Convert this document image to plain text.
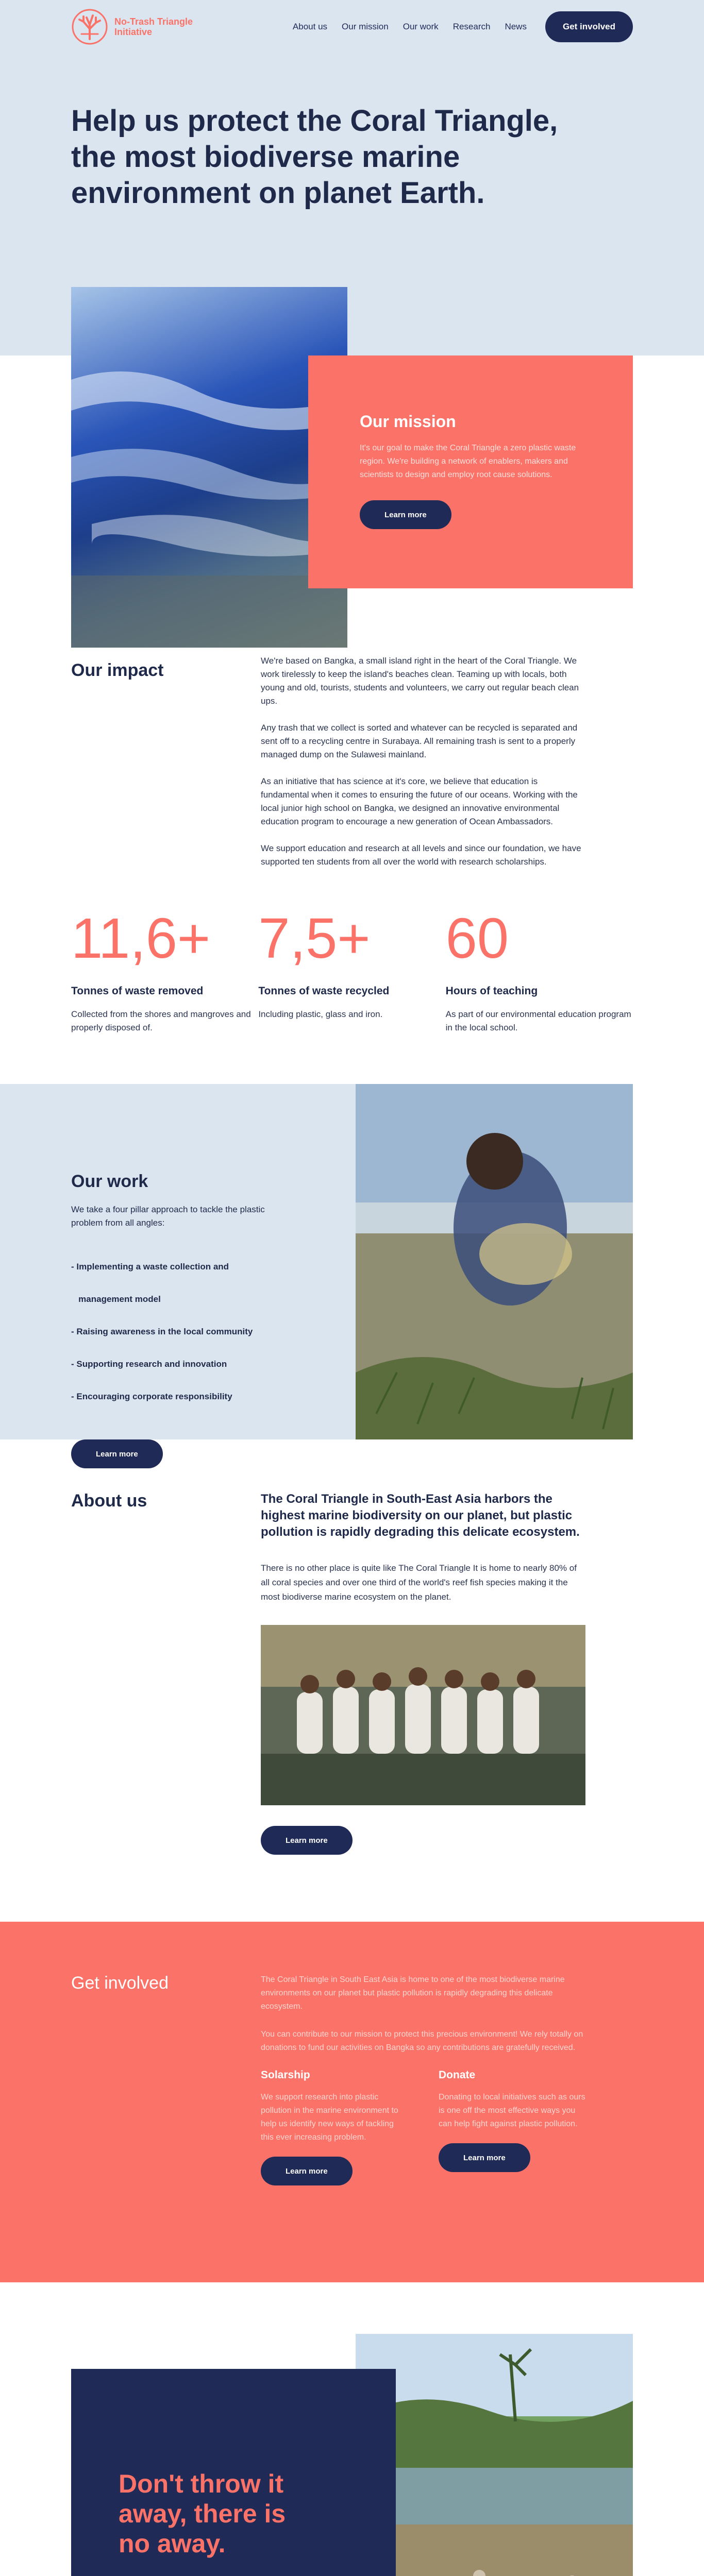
No-Trash Triangle
Initiative
About us Our mission Our work Research News	Get involved
Help us protect the Coral Triangle, the most biodiverse marine environment on planet Earth.
Our mission

It's our goal to make the Coral Triangle a zero plastic waste region. We're building a network of enablers, makers and scientists to design and employ root cause solutions.

Learn more
Our impact	We're based on Bangka, a small island right in the heart of the Coral Triangle. We work tirelessly to keep the island's beaches clean. Teaming up with locals, both young and old, tourists, students and volunteers, we carry out regular beach clean ups.

Any trash that we collect is sorted and whatever can be recycled is separated and sent off to a recycling centre in Surabaya. All remaining trash is sent to a properly managed dump on the Sulawesi mainland.

As an initiative that has science at it's core, we believe that education is fundamental when it comes to ensuring the future of our oceans. Working with the local junior high school on Bangka, we designed an innovative environmental education program to encourage a new generation of Ocean Ambassadors.

We support education and research at all levels and since our foundation, we have supported ten students from all over the world with research scholarships.

11,6+
Tonnes of waste removed

Collected from the shores and mangroves and properly disposed of.

7,5+
Tonnes of waste recycled

Including plastic, glass and iron.

60
Hours of teaching

As part of our environmental education program in the local school.

Our work

We take a four pillar approach to tackle the plastic problem from all angles:

- Implementing a waste collection and

management model

- Raising awareness in the local community

- Supporting research and innovation

- Encouraging corporate responsibility

Learn more
About us	The Coral Triangle in South-East Asia harbors the highest marine biodiversity on our planet, but plastic pollution is rapidly degrading this delicate ecosystem.
There is no other place is quite like The Coral Triangle It is home to nearly 80% of all coral species and over one third of the world's reef fish species making it the most biodiverse marine ecosystem on the planet.
Learn more
Get involved	The Coral Triangle in South East Asia is home to one of the most biodiverse marine environments on our planet but plastic pollution is rapidly degrading this delicate ecosystem.

You can contribute to our mission to protect this precious environment! We rely totally on donations to fund our activities on Bangka so any contributions are gratefully received.

Solarship

We support research into plastic pollution in the marine environment to help us identify new ways of tackling this ever increasing problem.

Learn more
Donate

Donating to local initiatives such as ours is one off the most effective ways you can help fight against plastic pollution.

Learn more
Don't throw it away, there is no away.
